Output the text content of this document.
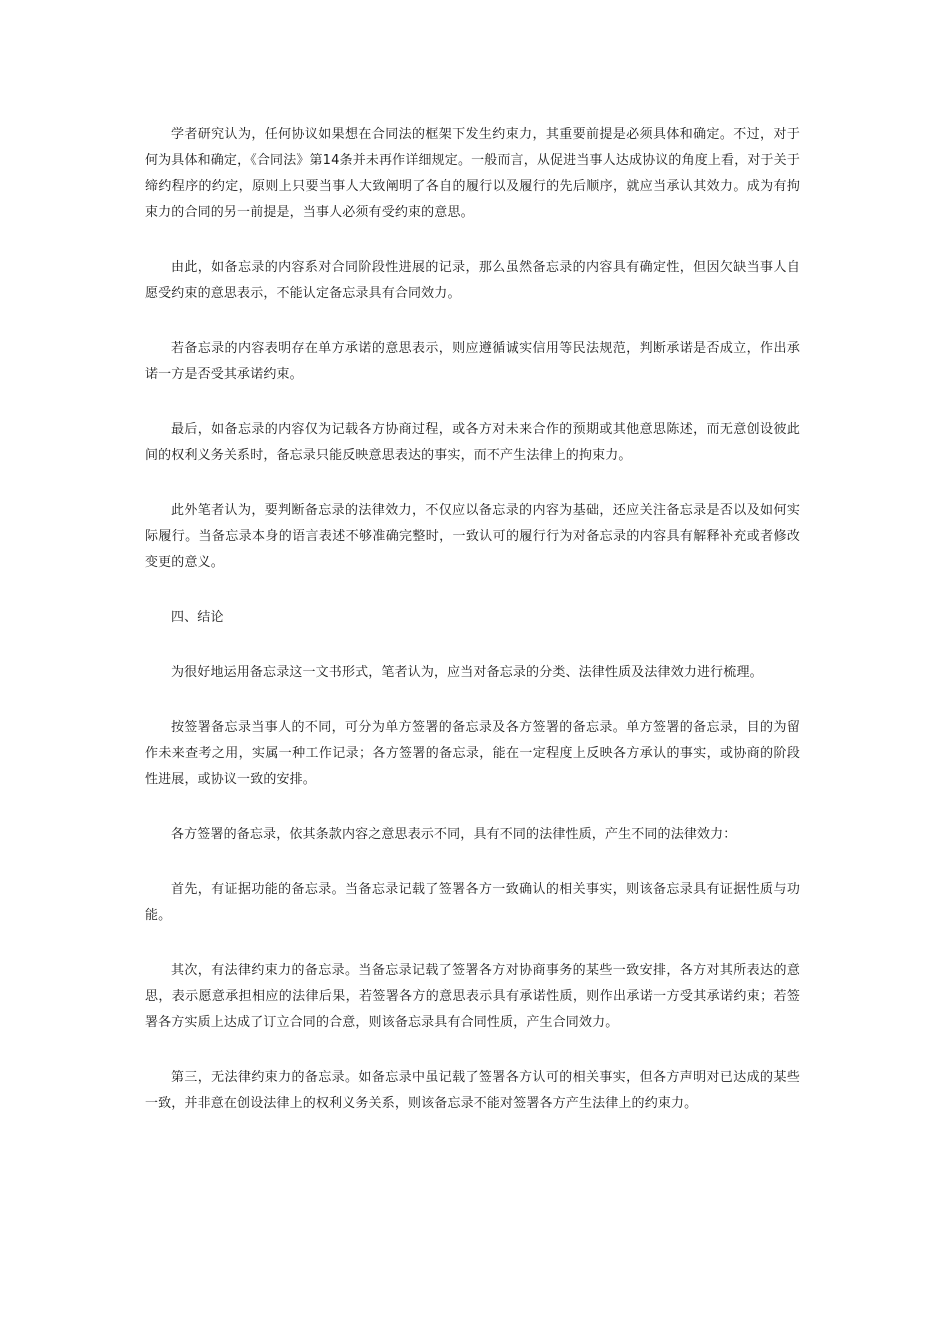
学者研究认为，任何协议如果想在合同法的框架下发生约束力，其重要前提是必须具体和确定。不过，对于何为具体和确定，《合同法》第14条并未再作详细规定。一般而言，从促进当事人达成协议的角度上看，对于关于缔约程序的约定，原则上只要当事人大致阐明了各自的履行以及履行的先后顺序，就应当承认其效力。成为有拘束力的合同的另一前提是，当事人必须有受约束的意思。

由此，如备忘录的内容系对合同阶段性进展的记录，那么虽然备忘录的内容具有确定性，但因欠缺当事人自愿受约束的意思表示，不能认定备忘录具有合同效力。

若备忘录的内容表明存在单方承诺的意思表示，则应遵循诚实信用等民法规范，判断承诺是否成立，作出承诺一方是否受其承诺约束。

最后，如备忘录的内容仅为记载各方协商过程，或各方对未来合作的预期或其他意思陈述，而无意创设彼此间的权利义务关系时，备忘录只能反映意思表达的事实，而不产生法律上的拘束力。

此外笔者认为，要判断备忘录的法律效力，不仅应以备忘录的内容为基础，还应关注备忘录是否以及如何实际履行。当备忘录本身的语言表述不够准确完整时，一致认可的履行行为对备忘录的内容具有解释补充或者修改变更的意义。

四、结论

为很好地运用备忘录这一文书形式，笔者认为，应当对备忘录的分类、法律性质及法律效力进行梳理。

按签署备忘录当事人的不同，可分为单方签署的备忘录及各方签署的备忘录。单方签署的备忘录，目的为留作未来查考之用，实属一种工作记录；各方签署的备忘录，能在一定程度上反映各方承认的事实，或协商的阶段性进展，或协议一致的安排。

各方签署的备忘录，依其条款内容之意思表示不同，具有不同的法律性质，产生不同的法律效力：

首先，有证据功能的备忘录。当备忘录记载了签署各方一致确认的相关事实，则该备忘录具有证据性质与功能。

其次，有法律约束力的备忘录。当备忘录记载了签署各方对协商事务的某些一致安排，各方对其所表达的意思，表示愿意承担相应的法律后果，若签署各方的意思表示具有承诺性质，则作出承诺一方受其承诺约束；若签署各方实质上达成了订立合同的合意，则该备忘录具有合同性质，产生合同效力。

第三，无法律约束力的备忘录。如备忘录中虽记载了签署各方认可的相关事实，但各方声明对已达成的某些一致，并非意在创设法律上的权利义务关系，则该备忘录不能对签署各方产生法律上的约束力。
